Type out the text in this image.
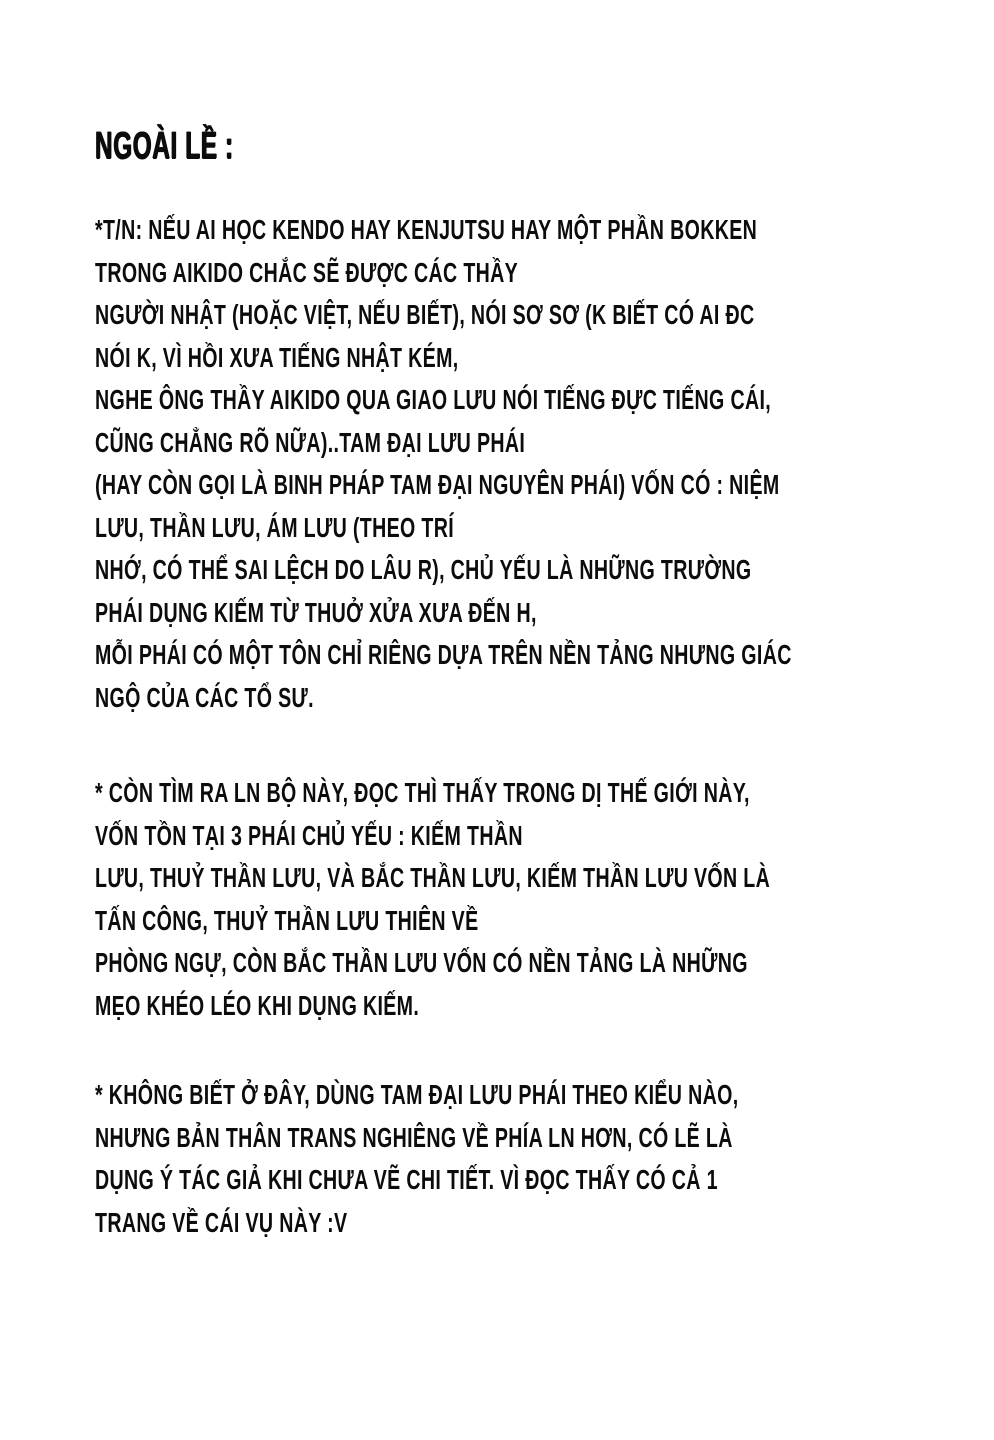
NGOÀI LỀ :
*T/N: NẾU AI HỌC KENDO HAY KENJUTSU HAY MỘT PHẦN BOKKEN
TRONG AIKIDO CHẮC SẼ ĐƯỢC CÁC THẦY
NGƯỜI NHẬT (HOẶC VIỆT, NẾU BIẾT), NÓI SƠ SƠ (K BIẾT CÓ AI ĐC
NÓI K, VÌ HỒI XƯA TIẾNG NHẬT KÉM,
NGHE ÔNG THẦY AIKIDO QUA GIAO LƯU NÓI TIẾNG ĐỰC TIẾNG CÁI,
CŨNG CHẲNG RÕ NỮA)..TAM ĐẠI LƯU PHÁI
(HAY CÒN GỌI LÀ BINH PHÁP TAM ĐẠI NGUYÊN PHÁI) VỐN CÓ : NIỆM
LƯU, THẦN LƯU, ÁM LƯU (THEO TRÍ
NHỚ, CÓ THỂ SAI LỆCH DO LÂU R), CHỦ YẾU LÀ NHỮNG TRƯỜNG
PHÁI DỤNG KIẾM TỪ THUỞ XỬA XƯA ĐẾN H,
MỖI PHÁI CÓ MỘT TÔN CHỈ RIÊNG DỰA TRÊN NỀN TẢNG NHƯNG GIÁC
NGỘ CỦA CÁC TỔ SƯ.
* CÒN TÌM RA LN BỘ NÀY, ĐỌC THÌ THẤY TRONG DỊ THẾ GIỚI NÀY,
VỐN TỒN TẠI 3 PHÁI CHỦ YẾU : KIẾM THẦN
LƯU, THUỶ THẦN LƯU, VÀ BẮC THẦN LƯU, KIẾM THẦN LƯU VỐN LÀ
TẤN CÔNG, THUỶ THẦN LƯU THIÊN VỀ
PHÒNG NGỰ, CÒN BẮC THẦN LƯU VỐN CÓ NỀN TẢNG LÀ NHỮNG
MẸO KHÉO LÉO KHI DỤNG KIẾM.
* KHÔNG BIẾT Ở ĐÂY, DÙNG TAM ĐẠI LƯU PHÁI THEO KIỂU NÀO,
NHƯNG BẢN THÂN TRANS NGHIÊNG VỀ PHÍA LN HƠN, CÓ LẼ LÀ
DỤNG Ý TÁC GIẢ KHI CHƯA VẼ CHI TIẾT. VÌ ĐỌC THẤY CÓ CẢ 1
TRANG VỀ CÁI VỤ NÀY :V
